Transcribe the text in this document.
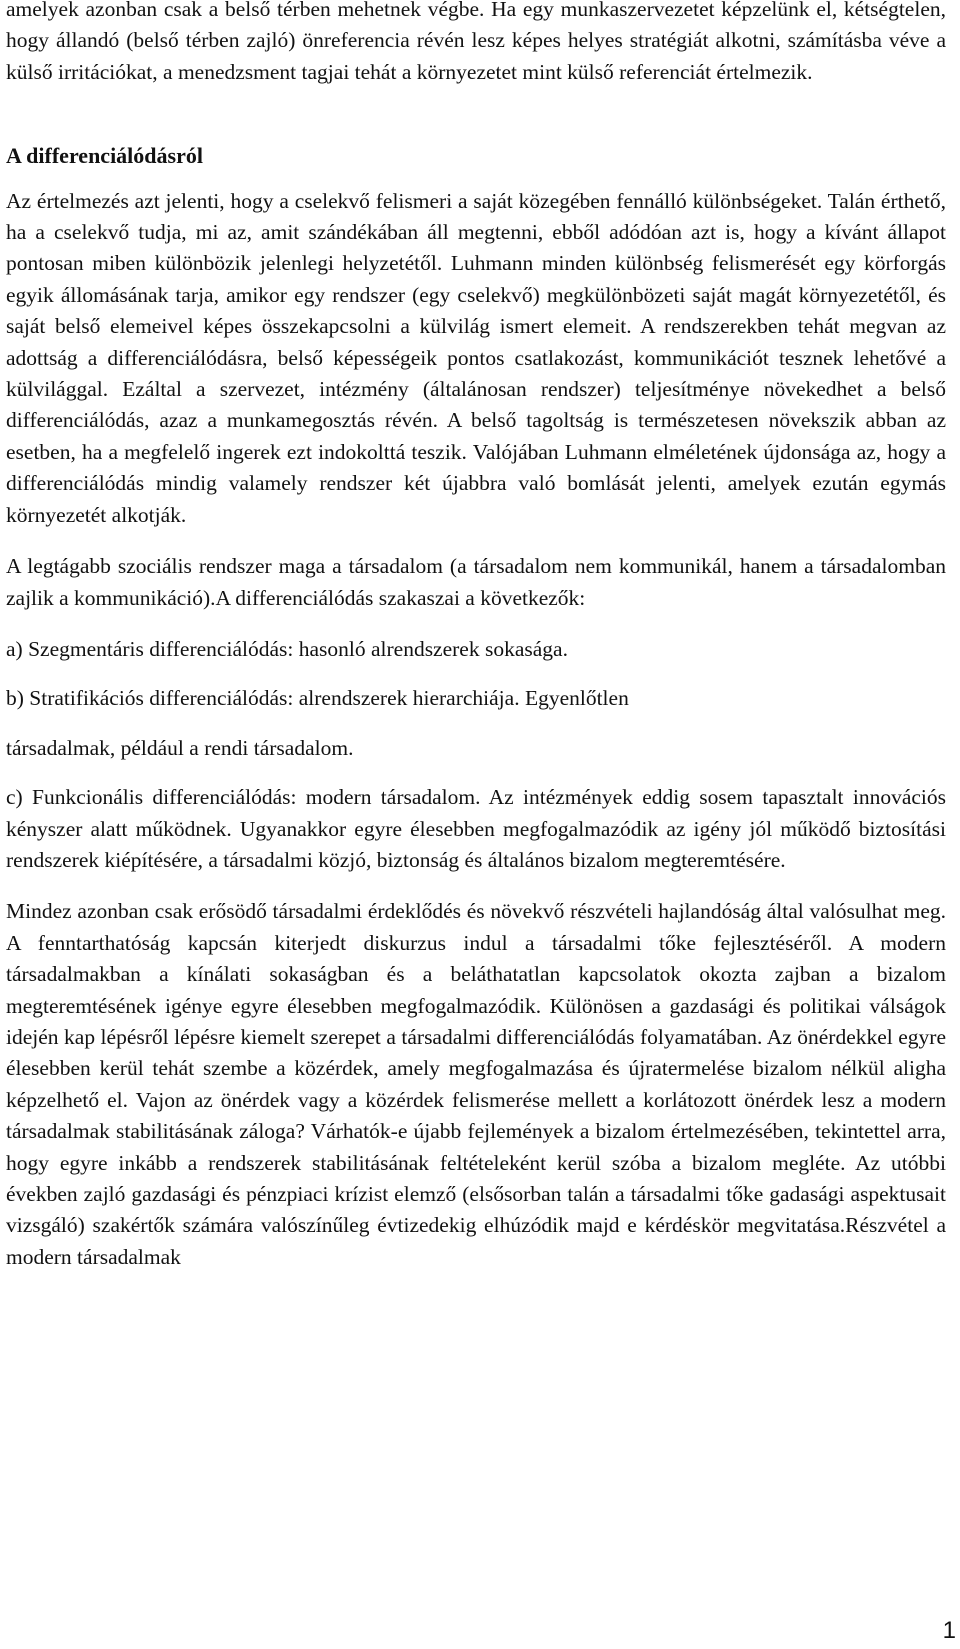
amelyek azonban csak a belső térben mehetnek végbe. Ha egy munkaszervezetet képzelünk el, kétségtelen, hogy állandó (belső térben zajló) önreferencia révén lesz képes helyes stratégiát alkotni, számításba véve a külső irritációkat, a menedzsment tagjai tehát a környezetet mint külső referenciát értelmezik.

A differenciálódásról

Az értelmezés azt jelenti, hogy a cselekvő felismeri a saját közegében fennálló különbségeket. Talán érthető, ha a cselekvő tudja, mi az, amit szándékában áll megtenni, ebből adódóan azt is, hogy a kívánt állapot pontosan miben különbözik jelenlegi helyzetétől. Luhmann minden különbség felismerését egy körforgás egyik állomásának tarja, amikor egy rendszer (egy cselekvő) megkülönbözeti saját magát környezetétől, és saját belső elemeivel képes összekapcsolni a külvilág ismert elemeit. A rendszerekben tehát megvan az adottság a differenciálódásra, belső képességeik pontos csatlakozást, kommunikációt tesznek lehetővé a külvilággal. Ezáltal a szervezet, intézmény (általánosan rendszer) teljesítménye növekedhet a belső differenciálódás, azaz a munkamegosztás révén. A belső tagoltság is természetesen növekszik abban az esetben, ha a megfelelő ingerek ezt indokolttá teszik. Valójában Luhmann elméletének újdonsága az, hogy a differenciálódás mindig valamely rendszer két újabbra való bomlását jelenti, amelyek ezután egymás környezetét alkotják.

A legtágabb szociális rendszer maga a társadalom (a társadalom nem kommunikál, hanem a társadalomban zajlik a kommunikáció).A differenciálódás szakaszai a következők:

a) Szegmentáris differenciálódás: hasonló alrendszerek sokasága.

b) Stratifikációs differenciálódás: alrendszerek hierarchiája. Egyenlőtlen

társadalmak, például a rendi társadalom.

c) Funkcionális differenciálódás: modern társadalom. Az intézmények eddig sosem tapasztalt innovációs kényszer alatt működnek. Ugyanakkor egyre élesebben megfogalmazódik az igény jól működő biztosítási rendszerek kiépítésére, a társadalmi közjó, biztonság és általános bizalom megteremtésére.

Mindez azonban csak erősödő társadalmi érdeklődés és növekvő részvételi hajlandóság által valósulhat meg. A fenntarthatóság kapcsán kiterjedt diskurzus indul a társadalmi tőke fejlesztéséről. A modern társadalmakban a kínálati sokaságban és a beláthatatlan kapcsolatok okozta zajban a bizalom megteremtésének igénye egyre élesebben megfogalmazódik. Különösen a gazdasági és politikai válságok idején kap lépésről lépésre kiemelt szerepet a társadalmi differenciálódás folyamatában. Az önérdekkel egyre élesebben kerül tehát szembe a közérdek, amely megfogalmazása és újratermelése bizalom nélkül aligha képzelhető el. Vajon az önérdek vagy a közérdek felismerése mellett a korlátozott önérdek lesz a modern társadalmak stabilitásának záloga? Várhatók-e újabb fejlemények a bizalom értelmezésében, tekintettel arra, hogy egyre inkább a rendszerek stabilitásának feltételeként kerül szóba a bizalom megléte. Az utóbbi években zajló gazdasági és pénzpiaci krízist elemző (elsősorban talán a társadalmi tőke gadasági aspektusait vizsgáló) szakértők számára valószínűleg évtizedekig elhúzódik majd e kérdéskör megvitatása.Részvétel a modern társadalmak

1
